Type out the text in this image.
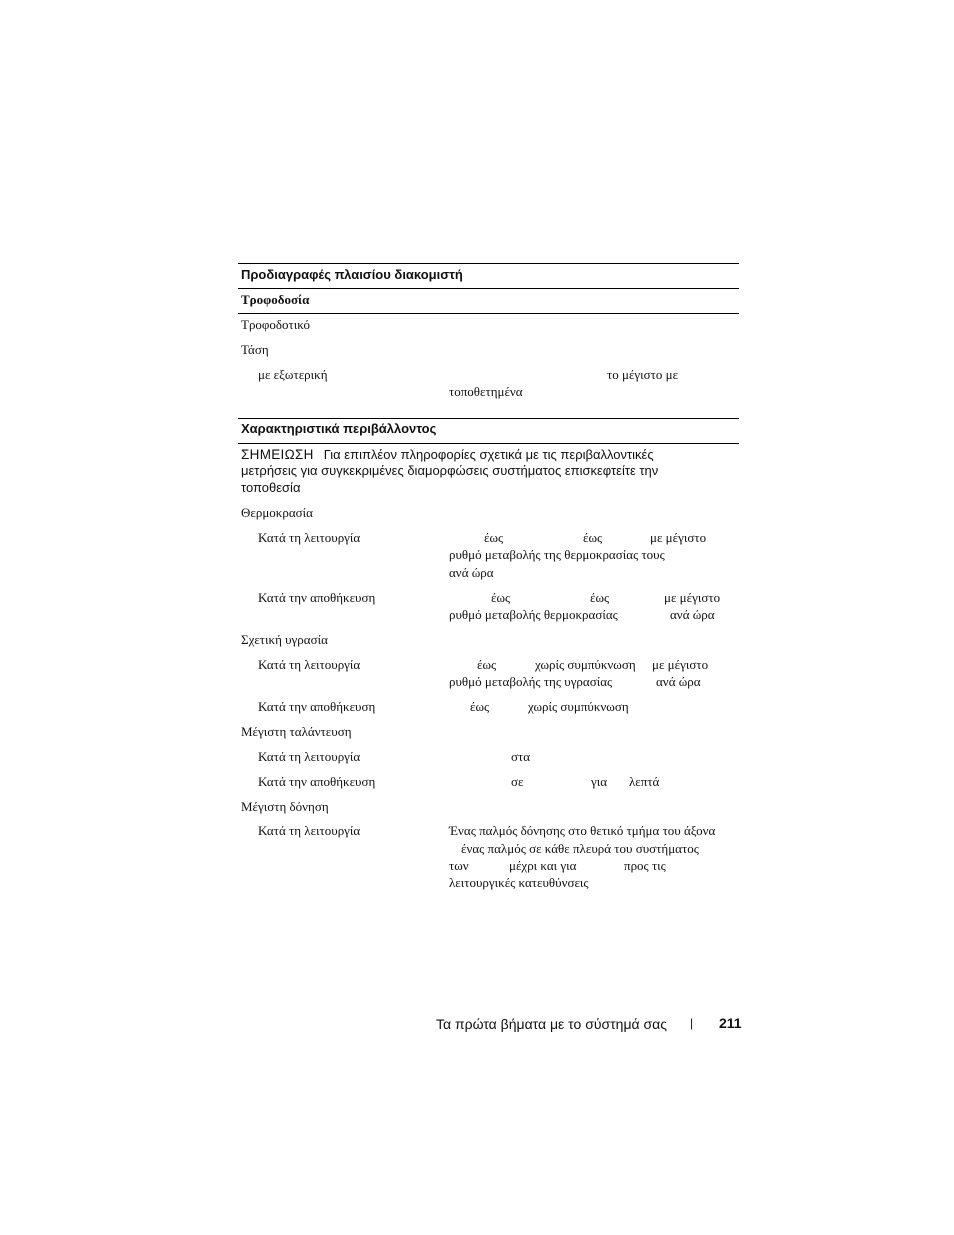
Προδιαγραφές πλαισίου διακομιστή
Τροφοδοσία
Τροφοδοτικό
Τάση
με εξωτερική	το μέγιστο με
τοποθετημένα
Χαρακτηριστικά περιβάλλοντος
ΣΗΜΕΙΩΣΗ Για επιπλέον πληροφορίες σχετικά με τις περιβαλλοντικές
μετρήσεις για συγκεκριμένες διαμορφώσεις συστήματος επισκεφτείτε την
τοποθεσία
Θερμοκρασία
Κατά τη λειτουργία	έως	έως	με μέγιστο
ρυθμό μεταβολής της θερμοκρασίας τους
ανά ώρα
Κατά την αποθήκευση	έως	έως	με μέγιστο
ρυθμό μεταβολής θερμοκρασίας	ανά ώρα
Σχετική υγρασία
Κατά τη λειτουργία	έως	χωρίς συμπύκνωση με μέγιστο
ρυθμό μεταβολής της υγρασίας	ανά ώρα
Κατά την αποθήκευση	έως	χωρίς συμπύκνωση
Μέγιστη ταλάντευση
Κατά τη λειτουργία	στα
Κατά την αποθήκευση	σε	για λεπτά
Μέγιστη δόνηση
Κατά τη λειτουργία	Ένας παλμός δόνησης στο θετικό τμήμα του άξονα
ένας παλμός σε κάθε πλευρά του συστήματος
των	μέχρι και για	προς τις
λειτουργικές κατευθύνσεις
Τα πρώτα βήματα με το σύστημά σας | 211
